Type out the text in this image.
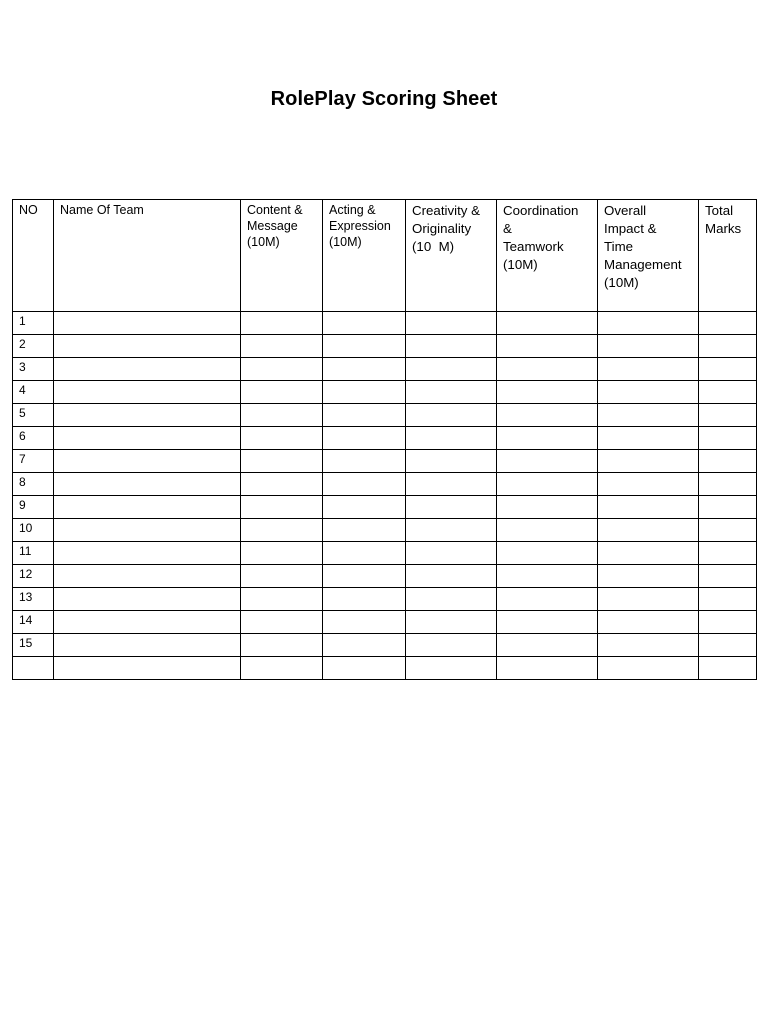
RolePlay Scoring Sheet
NO	Name Of Team	Content &
Message
(10M)	Acting &
Expression
(10M)	Creativity &
Originality
(10  M)	Coordination
&
Teamwork
(10M)	Overall
Impact &
Time
Management
(10M)	Total
Marks

1							
2							
3							
4							
5							
6							
7							
8							
9							
10							
11							
12							
13							
14							
15							
